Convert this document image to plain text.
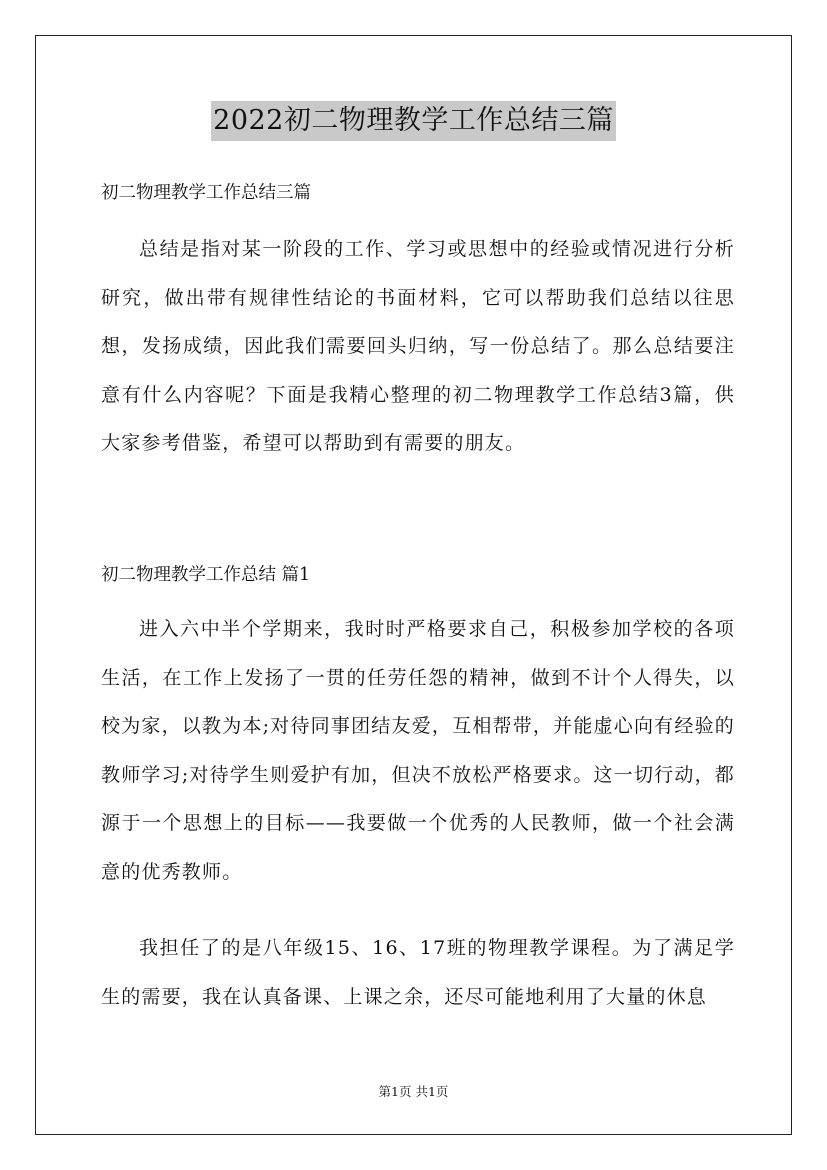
2022初二物理教学工作总结三篇
初二物理教学工作总结三篇

总结是指对某一阶段的工作、学习或思想中的经验或情况进行分析研究，做出带有规律性结论的书面材料，它可以帮助我们总结以往思想，发扬成绩，因此我们需要回头归纳，写一份总结了。那么总结要注意有什么内容呢？下面是我精心整理的初二物理教学工作总结3篇，供大家参考借鉴，希望可以帮助到有需要的朋友。

初二物理教学工作总结 篇1

进入六中半个学期来，我时时严格要求自己，积极参加学校的各项生活，在工作上发扬了一贯的任劳任怨的精神，做到不计个人得失，以校为家，以教为本;对待同事团结友爱，互相帮带，并能虚心向有经验的教师学习;对待学生则爱护有加，但决不放松严格要求。这一切行动，都源于一个思想上的目标——我要做一个优秀的人民教师，做一个社会满意的优秀教师。

我担任了的是八年级15、16、17班的物理教学课程。为了满足学生的需要，我在认真备课、上课之余，还尽可能地利用了大量的休息

第1页 共1页
